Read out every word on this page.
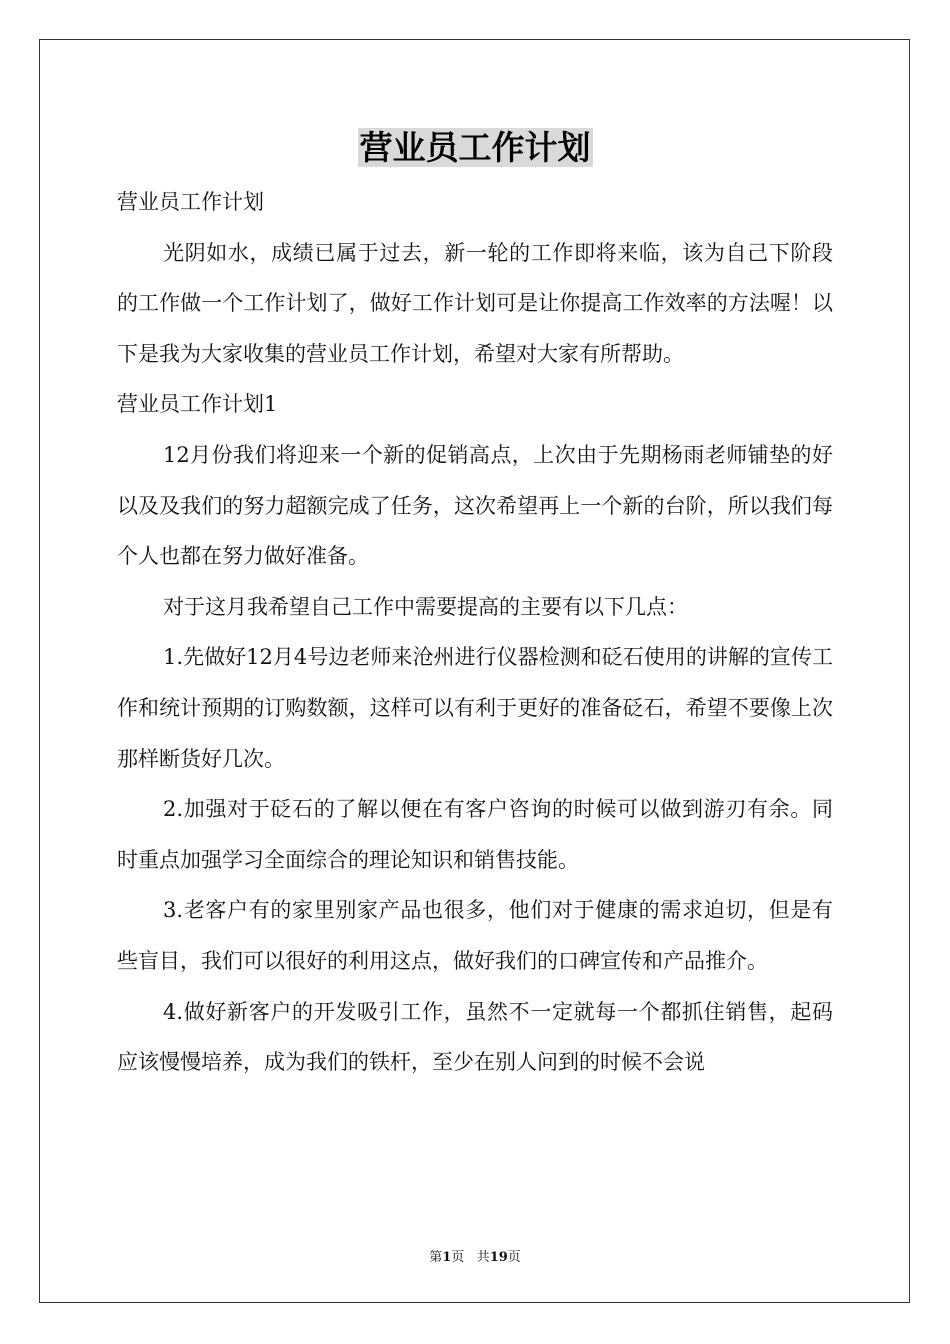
营业员工作计划

营业员工作计划

光阴如水，成绩已属于过去，新一轮的工作即将来临，该为自己下阶段的工作做一个工作计划了，做好工作计划可是让你提高工作效率的方法喔！以下是我为大家收集的营业员工作计划，希望对大家有所帮助。

营业员工作计划1

12月份我们将迎来一个新的促销高点，上次由于先期杨雨老师铺垫的好以及及我们的努力超额完成了任务，这次希望再上一个新的台阶，所以我们每个人也都在努力做好准备。

对于这月我希望自己工作中需要提高的主要有以下几点：

1.先做好12月4号边老师来沧州进行仪器检测和砭石使用的讲解的宣传工作和统计预期的订购数额，这样可以有利于更好的准备砭石，希望不要像上次那样断货好几次。

2.加强对于砭石的了解以便在有客户咨询的时候可以做到游刃有余。同时重点加强学习全面综合的理论知识和销售技能。

3.老客户有的家里别家产品也很多，他们对于健康的需求迫切，但是有些盲目，我们可以很好的利用这点，做好我们的口碑宣传和产品推介。

4.做好新客户的开发吸引工作，虽然不一定就每一个都抓住销售，起码应该慢慢培养，成为我们的铁杆，至少在别人问到的时候不会说

第1页 共19页
